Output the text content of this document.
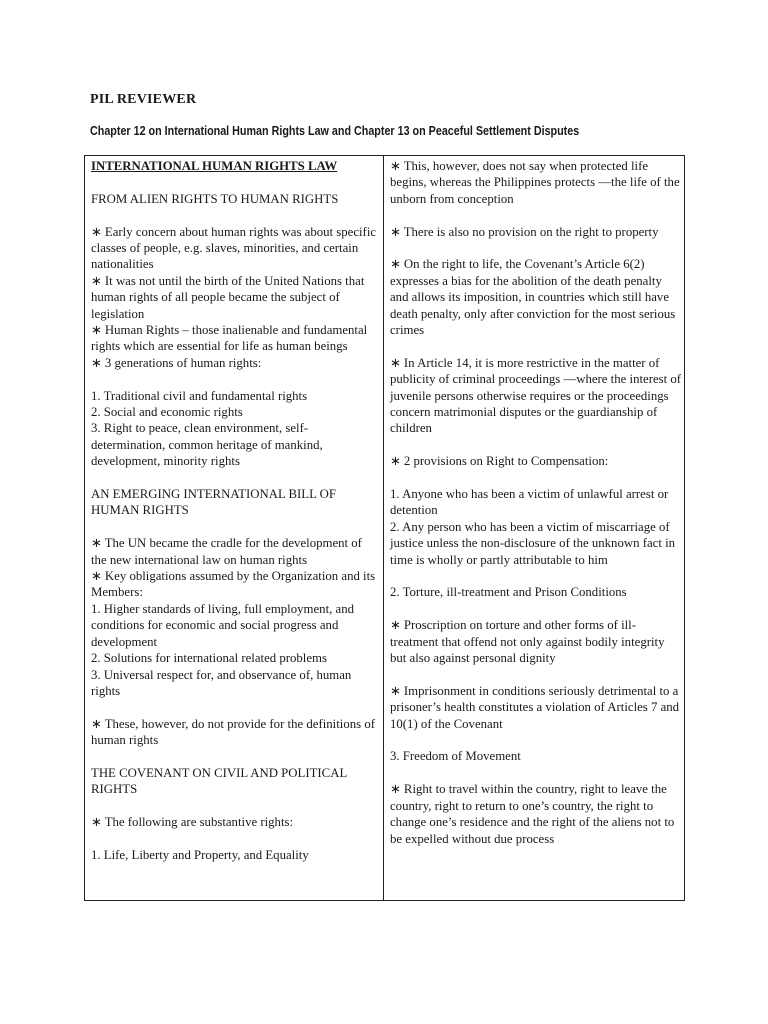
PIL REVIEWER
Chapter 12 on International Human Rights Law and Chapter 13 on Peaceful Settlement Disputes

INTERNATIONAL HUMAN RIGHTS LAW

FROM ALIEN RIGHTS TO HUMAN RIGHTS

∗ Early concern about human rights was about specific classes of people, e.g. slaves, minorities, and certain nationalities

∗ It was not until the birth of the United Nations that human rights of all people became the subject of legislation

∗ Human Rights – those inalienable and fundamental rights which are essential for life as human beings

∗ 3 generations of human rights:

1. Traditional civil and fundamental rights

2. Social and economic rights

3. Right to peace, clean environment, self-determination, common heritage of mankind, development, minority rights

AN EMERGING INTERNATIONAL BILL OF HUMAN RIGHTS

∗ The UN became the cradle for the development of the new international law on human rights

∗ Key obligations assumed by the Organization and its Members:

1. Higher standards of living, full employment, and conditions for economic and social progress and development

2. Solutions for international related problems

3. Universal respect for, and observance of, human rights

∗ These, however, do not provide for the definitions of human rights

THE COVENANT ON CIVIL AND POLITICAL RIGHTS

∗ The following are substantive rights:

1. Life, Liberty and Property, and Equality

∗ This, however, does not say when protected life begins, whereas the Philippines protects —the life of the unborn from conception

∗ There is also no provision on the right to property

∗ On the right to life, the Covenant’s Article 6(2) expresses a bias for the abolition of the death penalty and allows its imposition, in countries which still have death penalty, only after conviction for the most serious crimes

∗ In Article 14, it is more restrictive in the matter of publicity of criminal proceedings —where the interest of juvenile persons otherwise requires or the proceedings concern matrimonial disputes or the guardianship of children

∗ 2 provisions on Right to Compensation:

1. Anyone who has been a victim of unlawful arrest or detention

2. Any person who has been a victim of miscarriage of justice unless the non-disclosure of the unknown fact in time is wholly or partly attributable to him

2. Torture, ill-treatment and Prison Conditions

∗ Proscription on torture and other forms of ill-treatment that offend not only against bodily integrity but also against personal dignity

∗ Imprisonment in conditions seriously detrimental to a prisoner’s health constitutes a violation of Articles 7 and 10(1) of the Covenant

3. Freedom of Movement

∗ Right to travel within the country, right to leave the country, right to return to one’s country, the right to change one’s residence and the right of the aliens not to be expelled without due process
